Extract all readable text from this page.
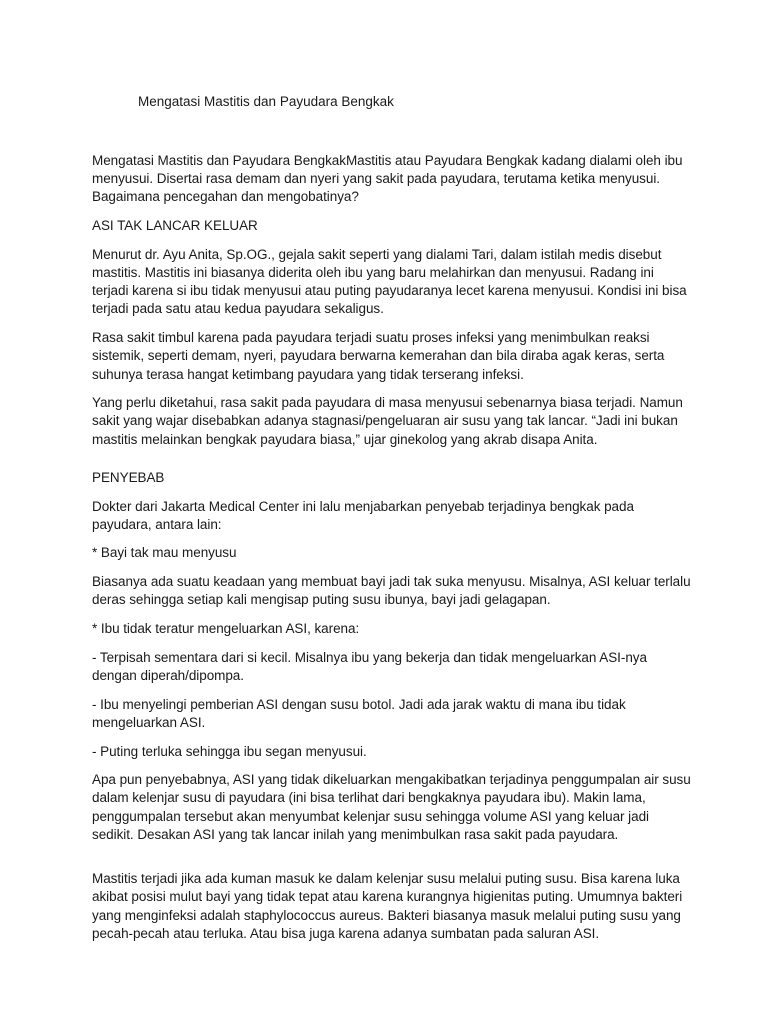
Mengatasi Mastitis dan Payudara Bengkak

Mengatasi Mastitis dan Payudara BengkakMastitis atau Payudara Bengkak kadang dialami oleh ibu menyusui. Disertai rasa demam dan nyeri yang sakit pada payudara, terutama ketika menyusui. Bagaimana pencegahan dan mengobatinya?

ASI TAK LANCAR KELUAR

Menurut dr. Ayu Anita, Sp.OG., gejala sakit seperti yang dialami Tari, dalam istilah medis disebut mastitis. Mastitis ini biasanya diderita oleh ibu yang baru melahirkan dan menyusui. Radang ini terjadi karena si ibu tidak menyusui atau puting payudaranya lecet karena menyusui. Kondisi ini bisa terjadi pada satu atau kedua payudara sekaligus.

Rasa sakit timbul karena pada payudara terjadi suatu proses infeksi yang menimbulkan reaksi sistemik, seperti demam, nyeri, payudara berwarna kemerahan dan bila diraba agak keras, serta suhunya terasa hangat ketimbang payudara yang tidak terserang infeksi.

Yang perlu diketahui, rasa sakit pada payudara di masa menyusui sebenarnya biasa terjadi. Namun sakit yang wajar disebabkan adanya stagnasi/pengeluaran air susu yang tak lancar. “Jadi ini bukan mastitis melainkan bengkak payudara biasa,” ujar ginekolog yang akrab disapa Anita.

PENYEBAB

Dokter dari Jakarta Medical Center ini lalu menjabarkan penyebab terjadinya bengkak pada payudara, antara lain:

* Bayi tak mau menyusu

Biasanya ada suatu keadaan yang membuat bayi jadi tak suka menyusu. Misalnya, ASI keluar terlalu deras sehingga setiap kali mengisap puting susu ibunya, bayi jadi gelagapan.

* Ibu tidak teratur mengeluarkan ASI, karena:

- Terpisah sementara dari si kecil. Misalnya ibu yang bekerja dan tidak mengeluarkan ASI-nya dengan diperah/dipompa.

- Ibu menyelingi pemberian ASI dengan susu botol. Jadi ada jarak waktu di mana ibu tidak mengeluarkan ASI.

- Puting terluka sehingga ibu segan menyusui.

Apa pun penyebabnya, ASI yang tidak dikeluarkan mengakibatkan terjadinya penggumpalan air susu dalam kelenjar susu di payudara (ini bisa terlihat dari bengkaknya payudara ibu). Makin lama, penggumpalan tersebut akan menyumbat kelenjar susu sehingga volume ASI yang keluar jadi sedikit. Desakan ASI yang tak lancar inilah yang menimbulkan rasa sakit pada payudara.

Mastitis terjadi jika ada kuman masuk ke dalam kelenjar susu melalui puting susu. Bisa karena luka akibat posisi mulut bayi yang tidak tepat atau karena kurangnya higienitas puting. Umumnya bakteri yang menginfeksi adalah staphylococcus aureus. Bakteri biasanya masuk melalui puting susu yang pecah-pecah atau terluka. Atau bisa juga karena adanya sumbatan pada saluran ASI.
